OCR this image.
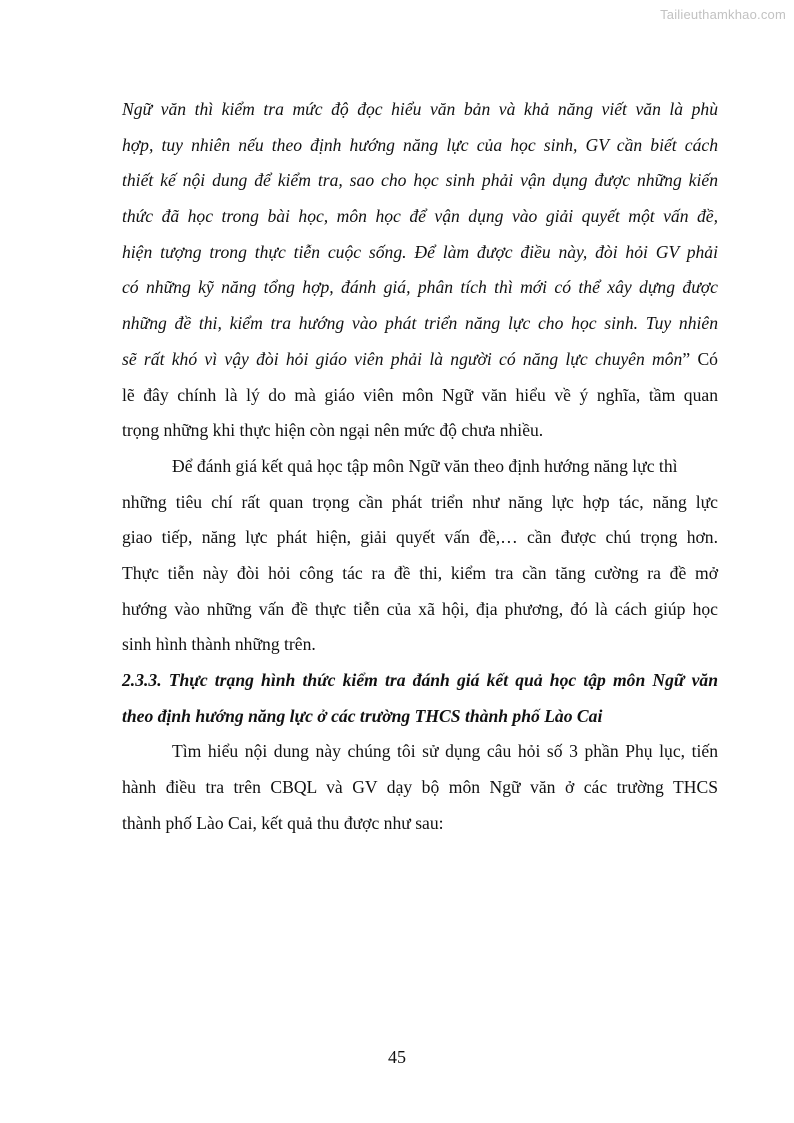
Tailieuthamkhao.com
Ngữ văn thì kiểm tra mức độ đọc hiểu văn bản và khả năng viết văn là phù
hợp, tuy nhiên nếu theo định hướng năng lực của học sinh, GV cần biết cách
thiết kế nội dung để kiểm tra, sao cho học sinh phải vận dụng được những kiến
thức đã học trong bài học, môn học để vận dụng vào giải quyết một vấn đề,
hiện tượng trong thực tiễn cuộc sống. Để làm được điều này, đòi hỏi GV phải
có những kỹ năng tổng hợp, đánh giá, phân tích thì mới có thể xây dựng được
những đề thi, kiểm tra hướng vào phát triển năng lực cho học sinh. Tuy nhiên
sẽ rất khó vì vậy đòi hỏi giáo viên phải là người có năng lực chuyên môn” Có
lẽ đây chính là lý do mà giáo viên môn Ngữ văn hiểu về ý nghĩa, tầm quan
trọng những khi thực hiện còn ngại nên mức độ chưa nhiều.
Để đánh giá kết quả học tập môn Ngữ văn theo định hướng năng lực thì
những tiêu chí rất quan trọng cần phát triển như năng lực hợp tác, năng lực
giao tiếp, năng lực phát hiện, giải quyết vấn đề,… cần được chú trọng hơn.
Thực tiễn này đòi hỏi công tác ra đề thi, kiểm tra cần tăng cường ra đề mở
hướng vào những vấn đề thực tiễn của xã hội, địa phương, đó là cách giúp học
sinh hình thành những trên.
2.3.3. Thực trạng hình thức kiểm tra đánh giá kết quả học tập môn Ngữ văn
theo định hướng năng lực ở các trường THCS thành phố Lào Cai
Tìm hiểu nội dung này chúng tôi sử dụng câu hỏi số 3 phần Phụ lục, tiến
hành điều tra trên CBQL và GV dạy bộ môn Ngữ văn ở các trường THCS
thành phố Lào Cai, kết quả thu được như sau:
45
